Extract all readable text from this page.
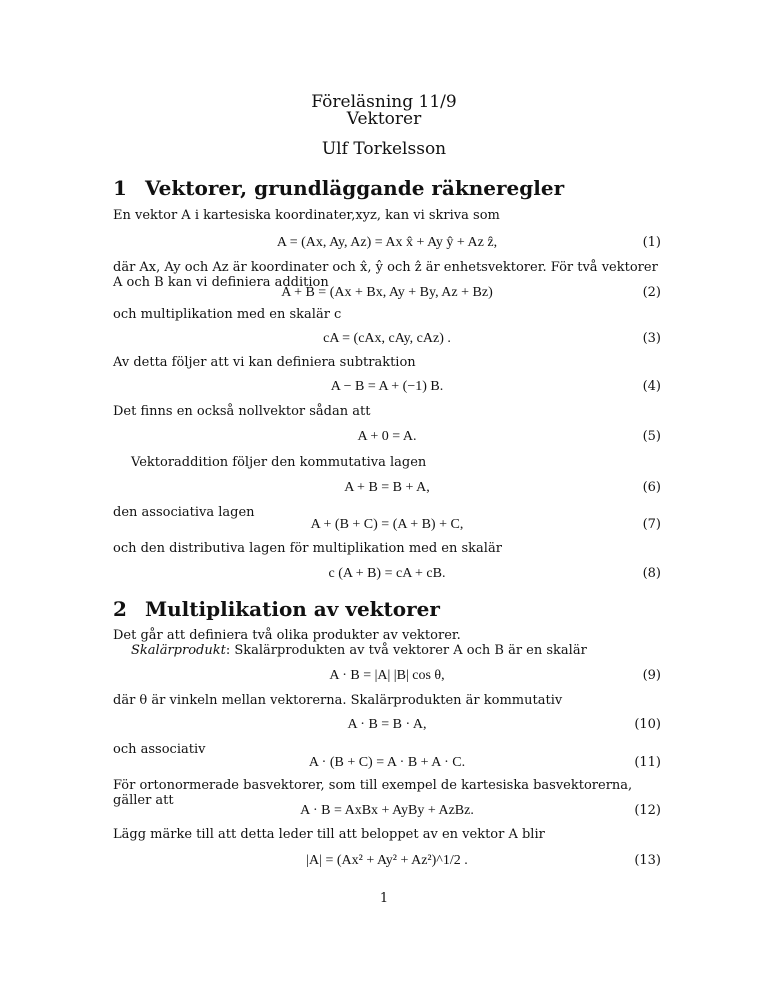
Föreläsning 11/9
Vektorer
Ulf Torkelsson
1 Vektorer, grundläggande räkneregler
En vektor A i kartesiska koordinater,xyz, kan vi skriva som
A = (Ax, Ay, Az) = Ax x̂ + Ay ŷ + Az ẑ,	(1)
där Ax, Ay och Az är koordinater och x̂, ŷ och ẑ är enhetsvektorer. För två vektorer A och B kan vi definiera addition
A + B = (Ax + Bx, Ay + By, Az + Bz)	(2)
och multiplikation med en skalär c
cA = (cAx, cAy, cAz) .	(3)
Av detta följer att vi kan definiera subtraktion
A − B = A + (−1) B.	(4)
Det finns en också nollvektor sådan att
A + 0 = A.	(5)
Vektoraddition följer den kommutativa lagen
A + B = B + A,	(6)
den associativa lagen
A + (B + C) = (A + B) + C,	(7)
och den distributiva lagen för multiplikation med en skalär
c (A + B) = cA + cB.	(8)
2 Multiplikation av vektorer
Det går att definiera två olika produkter av vektorer.
Skalärprodukt: Skalärprodukten av två vektorer A och B är en skalär
A · B = |A| |B| cos θ,	(9)
där θ är vinkeln mellan vektorerna. Skalärprodukten är kommutativ
A · B = B · A,	(10)
och associativ
A · (B + C) = A · B + A · C.	(11)
För ortonormerade basvektorer, som till exempel de kartesiska basvektorerna, gäller att
A · B = AxBx + AyBy + AzBz.	(12)
Lägg märke till att detta leder till att beloppet av en vektor A blir
|A| = (Ax² + Ay² + Az²)^1/2 .	(13)
1
